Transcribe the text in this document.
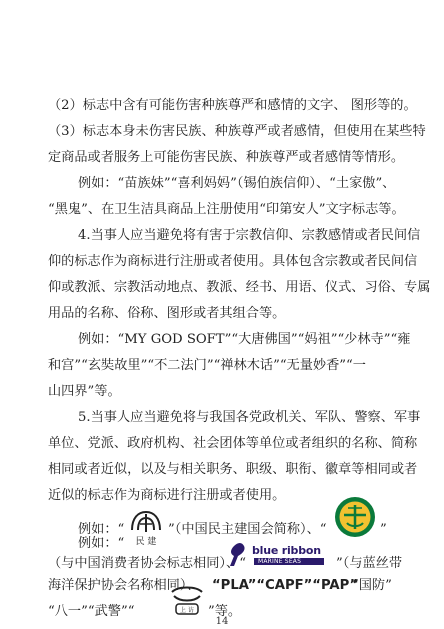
（2）标志中含有可能伤害种族尊严和感情的文字、 图形等的。
（3）标志本身未伤害民族、种族尊严或者感情，但使用在某些特
定商品或者服务上可能伤害民族、种族尊严或者感情等情形。
例如：“苗族妹”“喜利妈妈”（锡伯族信仰）、“土家傲”、
“黑鬼”、在卫生洁具商品上注册使用“印第安人”文字标志等。
4.当事人应当避免将有害于宗教信仰、宗教感情或者民间信
仰的标志作为商标进行注册或者使用。具体包含宗教或者民间信
仰或教派、宗教活动地点、教派、经书、用语、仪式、习俗、专属
用品的名称、俗称、图形或者其组合等。
例如：“MY GOD SOFT”“大唐佛国”“妈祖”“少林寺”“雍
和宫”“玄奘故里”“不二法门”“禅林木话”“无量妙香”“一
山四界”等。
5.当事人应当避免将与我国各党政机关、军队、警察、军事
单位、党派、政府机构、社会团体等单位或者组织的名称、简称
相同或者近似，以及与相关职务、职级、职衔、徽章等相同或者
近似的标志作为商标进行注册或者使用。
例如：“
例如：“
民 建
”（中国民主建国会简称）、“	”
（与中国消费者协会标志相同）、“
blue ribbon
MARINE SEAS	”（与蓝丝带
海洋保护协会名称相同）、 “PLA”“CAPF”“PAP”
“国防”
“八一”“武警”“	上 访 ”等。
14
